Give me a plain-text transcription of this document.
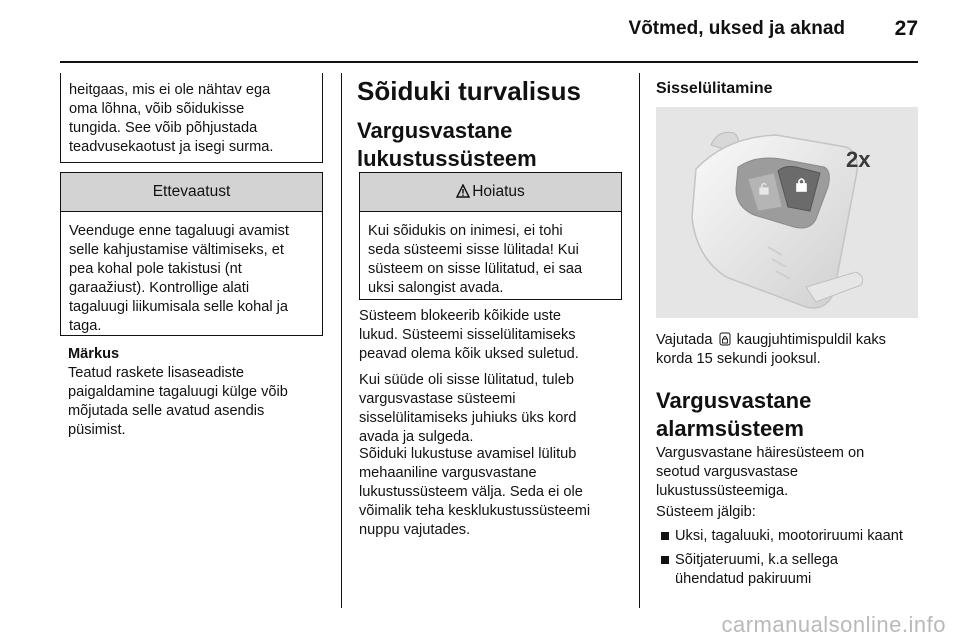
Võtmed, uksed ja aknad 27
heitgaas, mis ei ole nähtav ega
oma lõhna, võib sõidukisse
tungida. See võib põhjustada
teadvusekaotust ja isegi surma.
Ettevaatust
Veenduge enne tagaluugi avamist
selle kahjustamise vältimiseks, et
pea kohal pole takistusi (nt
garaažiust). Kontrollige alati
tagaluugi liikumisala selle kohal ja
taga.
Märkus
Teatud raskete lisaseadiste
paigaldamine tagaluugi külge võib
mõjutada selle avatud asendis
püsimist.
Sõiduki turvalisus
Vargusvastane
lukustussüsteem
Hoiatus
Kui sõidukis on inimesi, ei tohi
seda süsteemi sisse lülitada! Kui
süsteem on sisse lülitatud, ei saa
uksi salongist avada.
Süsteem blokeerib kõikide uste
lukud. Süsteemi sisselülitamiseks
peavad olema kõik uksed suletud.
Kui süüde oli sisse lülitatud, tuleb
vargusvastase süsteemi
sisselülitamiseks juhiuks üks kord
avada ja sulgeda.
Sõiduki lukustuse avamisel lülitub
mehaaniline vargusvastane
lukustussüsteem välja. Seda ei ole
võimalik teha kesklukustussüsteemi
nuppu vajutades.
Sisselülitamine
2x
Vajutada kaugjuhtimispuldil kaks
korda 15 sekundi jooksul.
Vargusvastane
alarmsüsteem
Vargusvastane häiresüsteem on
seotud vargusvastase
lukustussüsteemiga.
Süsteem jälgib:
Uksi, tagaluuki, mootoriruumi kaant
Sõitjateruumi, k.a sellega
ühendatud pakiruumi
carmanualsonline.info
